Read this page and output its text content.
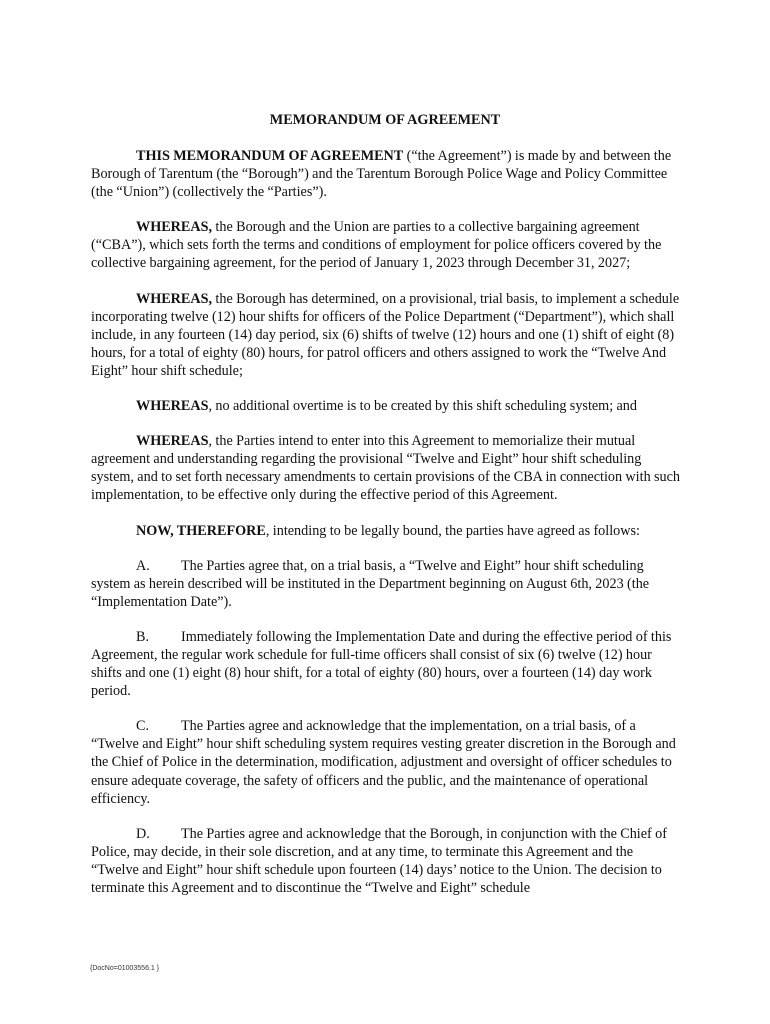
MEMORANDUM OF AGREEMENT

THIS MEMORANDUM OF AGREEMENT (“the Agreement”) is made by and between the Borough of Tarentum (the “Borough”) and the Tarentum Borough Police Wage and Policy Committee (the “Union”) (collectively the “Parties”).

WHEREAS, the Borough and the Union are parties to a collective bargaining agreement (“CBA”), which sets forth the terms and conditions of employment for police officers covered by the collective bargaining agreement, for the period of January 1, 2023 through December 31, 2027;

WHEREAS, the Borough has determined, on a provisional, trial basis, to implement a schedule incorporating twelve (12) hour shifts for officers of the Police Department (“Department”), which shall include, in any fourteen (14) day period, six (6) shifts of twelve (12) hours and one (1) shift of eight (8) hours, for a total of eighty (80) hours, for patrol officers and others assigned to work the “Twelve And Eight” hour shift schedule;

WHEREAS, no additional overtime is to be created by this shift scheduling system; and

WHEREAS, the Parties intend to enter into this Agreement to memorialize their mutual agreement and understanding regarding the provisional “Twelve and Eight” hour shift scheduling system, and to set forth necessary amendments to certain provisions of the CBA in connection with such implementation, to be effective only during the effective period of this Agreement.

NOW, THEREFORE, intending to be legally bound, the parties have agreed as follows:

A. The Parties agree that, on a trial basis, a “Twelve and Eight” hour shift scheduling system as herein described will be instituted in the Department beginning on August 6th, 2023 (the “Implementation Date”).

B. Immediately following the Implementation Date and during the effective period of this Agreement, the regular work schedule for full-time officers shall consist of six (6) twelve (12) hour shifts and one (1) eight (8) hour shift, for a total of eighty (80) hours, over a fourteen (14) day work period.

C. The Parties agree and acknowledge that the implementation, on a trial basis, of a “Twelve and Eight” hour shift scheduling system requires vesting greater discretion in the Borough and the Chief of Police in the determination, modification, adjustment and oversight of officer schedules to ensure adequate coverage, the safety of officers and the public, and the maintenance of operational efficiency.

D. The Parties agree and acknowledge that the Borough, in conjunction with the Chief of Police, may decide, in their sole discretion, and at any time, to terminate this Agreement and the “Twelve and Eight” hour shift schedule upon fourteen (14) days’ notice to the Union. The decision to terminate this Agreement and to discontinue the “Twelve and Eight” schedule

{DocNo=01003556.1 }
